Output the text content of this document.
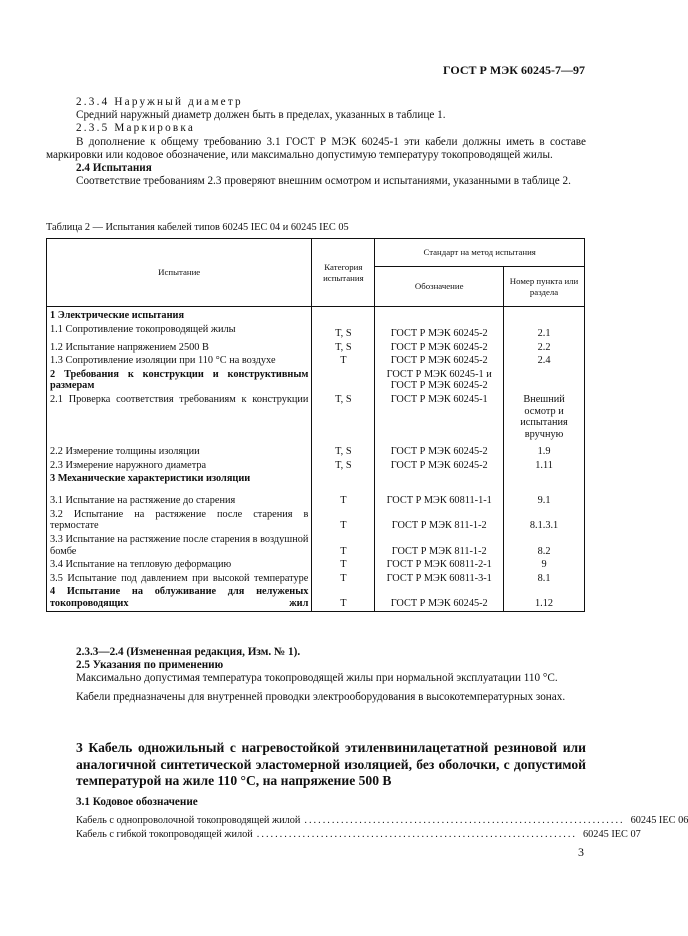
ГОСТ Р МЭК 60245-7—97

2.3.4 Наружный диаметр

Средний наружный диаметр должен быть в пределах, указанных в таблице 1.

2.3.5 Маркировка

В дополнение к общему требованию 3.1 ГОСТ Р МЭК 60245-1 эти кабели должны иметь в составе маркировки или кодовое обозначение, или максимально допустимую температуру токопроводящей жилы.

2.4 Испытания

Соответствие требованиям 2.3 проверяют внешним осмотром и испытаниями, указанными в таблице 2.

Таблица 2 — Испытания кабелей типов 60245 IEC 04 и 60245 IEC 05
Испытание	Категория испытания	Стандарт на метод испытания	
		Обозначение	Номер пункта или раздела
1 Электрические испытания			
1.1 Сопротивление токопроводящей жилы	T, S	ГОСТ Р МЭК 60245-2	2.1
1.2 Испытание напряжением 2500 В	T, S	ГОСТ Р МЭК 60245-2	2.2
1.3 Сопротивление изоляции при 110 °С на воздухе	T	ГОСТ Р МЭК 60245-2	2.4
2 Требования к конструкции и конструктивным размерам		ГОСТ Р МЭК 60245-1 и ГОСТ Р МЭК 60245-2	
2.1 Проверка соответствия требованиям к конструкции	T, S	ГОСТ Р МЭК 60245-1	Внешний осмотр и испытания вручную
2.2 Измерение толщины изоляции	T, S	ГОСТ Р МЭК 60245-2	1.9
2.3 Измерение наружного диаметра	T, S	ГОСТ Р МЭК 60245-2	1.11
3 Механические характеристики изоляции			
3.1 Испытание на растяжение до старения	T	ГОСТ Р МЭК 60811-1-1	9.1
3.2 Испытание на растяжение после старения в термостате	T	ГОСТ Р МЭК 811-1-2	8.1.3.1
3.3 Испытание на растяжение после старения в воздушной бомбе	T	ГОСТ Р МЭК 811-1-2	8.2
3.4 Испытание на тепловую деформацию	T	ГОСТ Р МЭК 60811-2-1	9
3.5 Испытание под давлением при высокой температуре	T	ГОСТ Р МЭК 60811-3-1	8.1
4 Испытание на облуживание для нелуженых токопроводящих жил	T	ГОСТ Р МЭК 60245-2	1.12

2.3.3—2.4 (Измененная редакция, Изм. № 1).

2.5 Указания по применению

Максимально допустимая температура токопроводящей жилы при нормальной эксплуатации 110 °С.

Кабели предназначены для внутренней проводки электрооборудования в высокотемпературных зонах.

3 Кабель одножильный с нагревостойкой этиленвинилацетатной резиновой или аналогичной синтетической эластомерной изоляцией, без оболочки, с допустимой температурой на жиле 110 °С, на напряжение 500 В
3.1 Кодовое обозначение
Кабель с однопроволочной токопроводящей жилой ...................................................................... 60245 IEC 06
Кабель с гибкой токопроводящей жилой ...................................................................... 60245 IEC 07
3
